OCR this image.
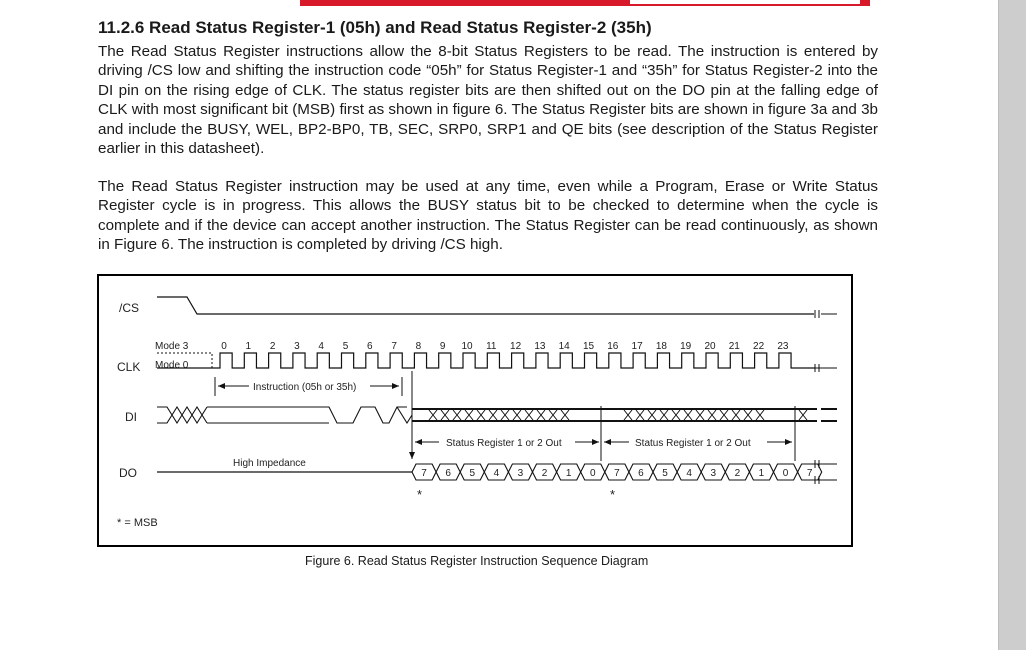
11.2.6 Read Status Register-1 (05h) and Read Status Register-2 (35h)

The Read Status Register instructions allow the 8-bit Status Registers to be read. The instruction is entered by driving /CS low and shifting the instruction code “05h” for Status Register-1 and “35h” for Status Register-2 into the DI pin on the rising edge of CLK. The status register bits are then shifted out on the DO pin at the falling edge of CLK with most significant bit (MSB) first as shown in figure 6. The Status Register bits are shown in figure 3a and 3b and include the BUSY, WEL, BP2-BP0, TB, SEC, SRP0, SRP1 and QE bits (see description of the Status Register earlier in this datasheet).

The Read Status Register instruction may be used at any time, even while a Program, Erase or Write Status Register cycle is in progress. This allows the BUSY status bit to be checked to determine when the cycle is complete and if the device can accept another instruction. The Status Register can be read continuously, as shown in Figure 6. The instruction is completed by driving /CS high.

/CS
CLK
DI
DO
Mode 3
Mode 0
0 1 2 3 4 5 6 7 8 9 10 11 12 13 14 15 16 17 18 19 20 21 22 23
Instruction (05h or 35h)
Status Register 1 or 2 Out	Status Register 1 or 2 Out
High Impedance
7 6 5 4 3 2 1 0 7 6 5 4 3 2 1 0 7
*	*
* = MSB
Figure 6. Read Status Register Instruction Sequence Diagram
